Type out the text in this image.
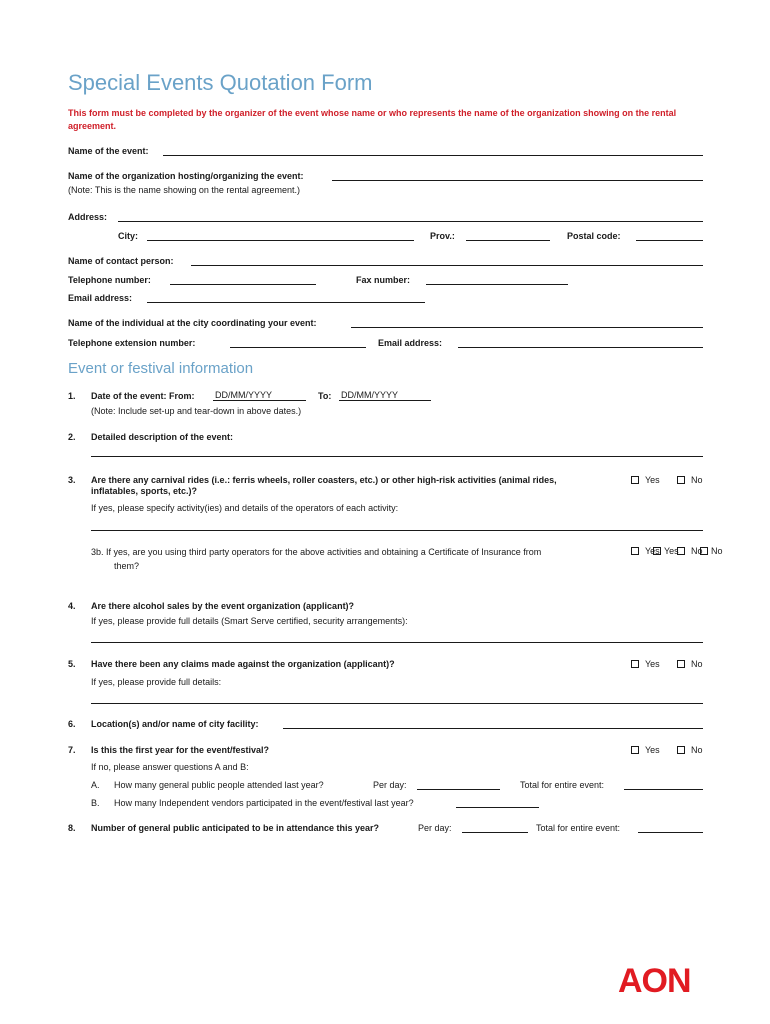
Special Events Quotation Form
This form must be completed by the organizer of the event whose name or who represents the name of the organization showing on the rental agreement.
Name of the event:
Name of the organization hosting/organizing the event:
(Note: This is the name showing on the rental agreement.)
Address:
City:	Prov.:	Postal code:
Name of contact person:
Telephone number:	Fax number:
Email address:
Name of the individual at the city coordinating your event:
Telephone extension number:	Email address:
Event or festival information
1. Date of the event: From: DD/MM/YYYY	To: DD/MM/YYYY
(Note: Include set-up and tear-down in above dates.)
2. Detailed description of the event:
3. Are there any carnival rides (i.e.: ferris wheels, roller coasters, etc.) or other high-risk activities (animal rides,
inflatables, sports, etc.)?
Yes	No
If yes, please specify activity(ies) and details of the operators of each activity:
3b. If yes, are you using third party operators for the above activities and obtaining a Certificate of Insurance from
them?
Yes Yes	No No
4. Are there alcohol sales by the event organization (applicant)?
If yes, please provide full details (Smart Serve certified, security arrangements):
5. Have there been any claims made against the organization (applicant)?	Yes	No
If yes, please provide full details:
6. Location(s) and/or name of city facility:
7. Is this the first year for the event/festival?	Yes	No
If no, please answer questions A and B:
A. How many general public people attended last year?	Per day:	Total for entire event:
B. How many Independent vendors participated in the event/festival last year?
8. Number of general public anticipated to be in attendance this year?	Per day:	Total for entire event:
AON
